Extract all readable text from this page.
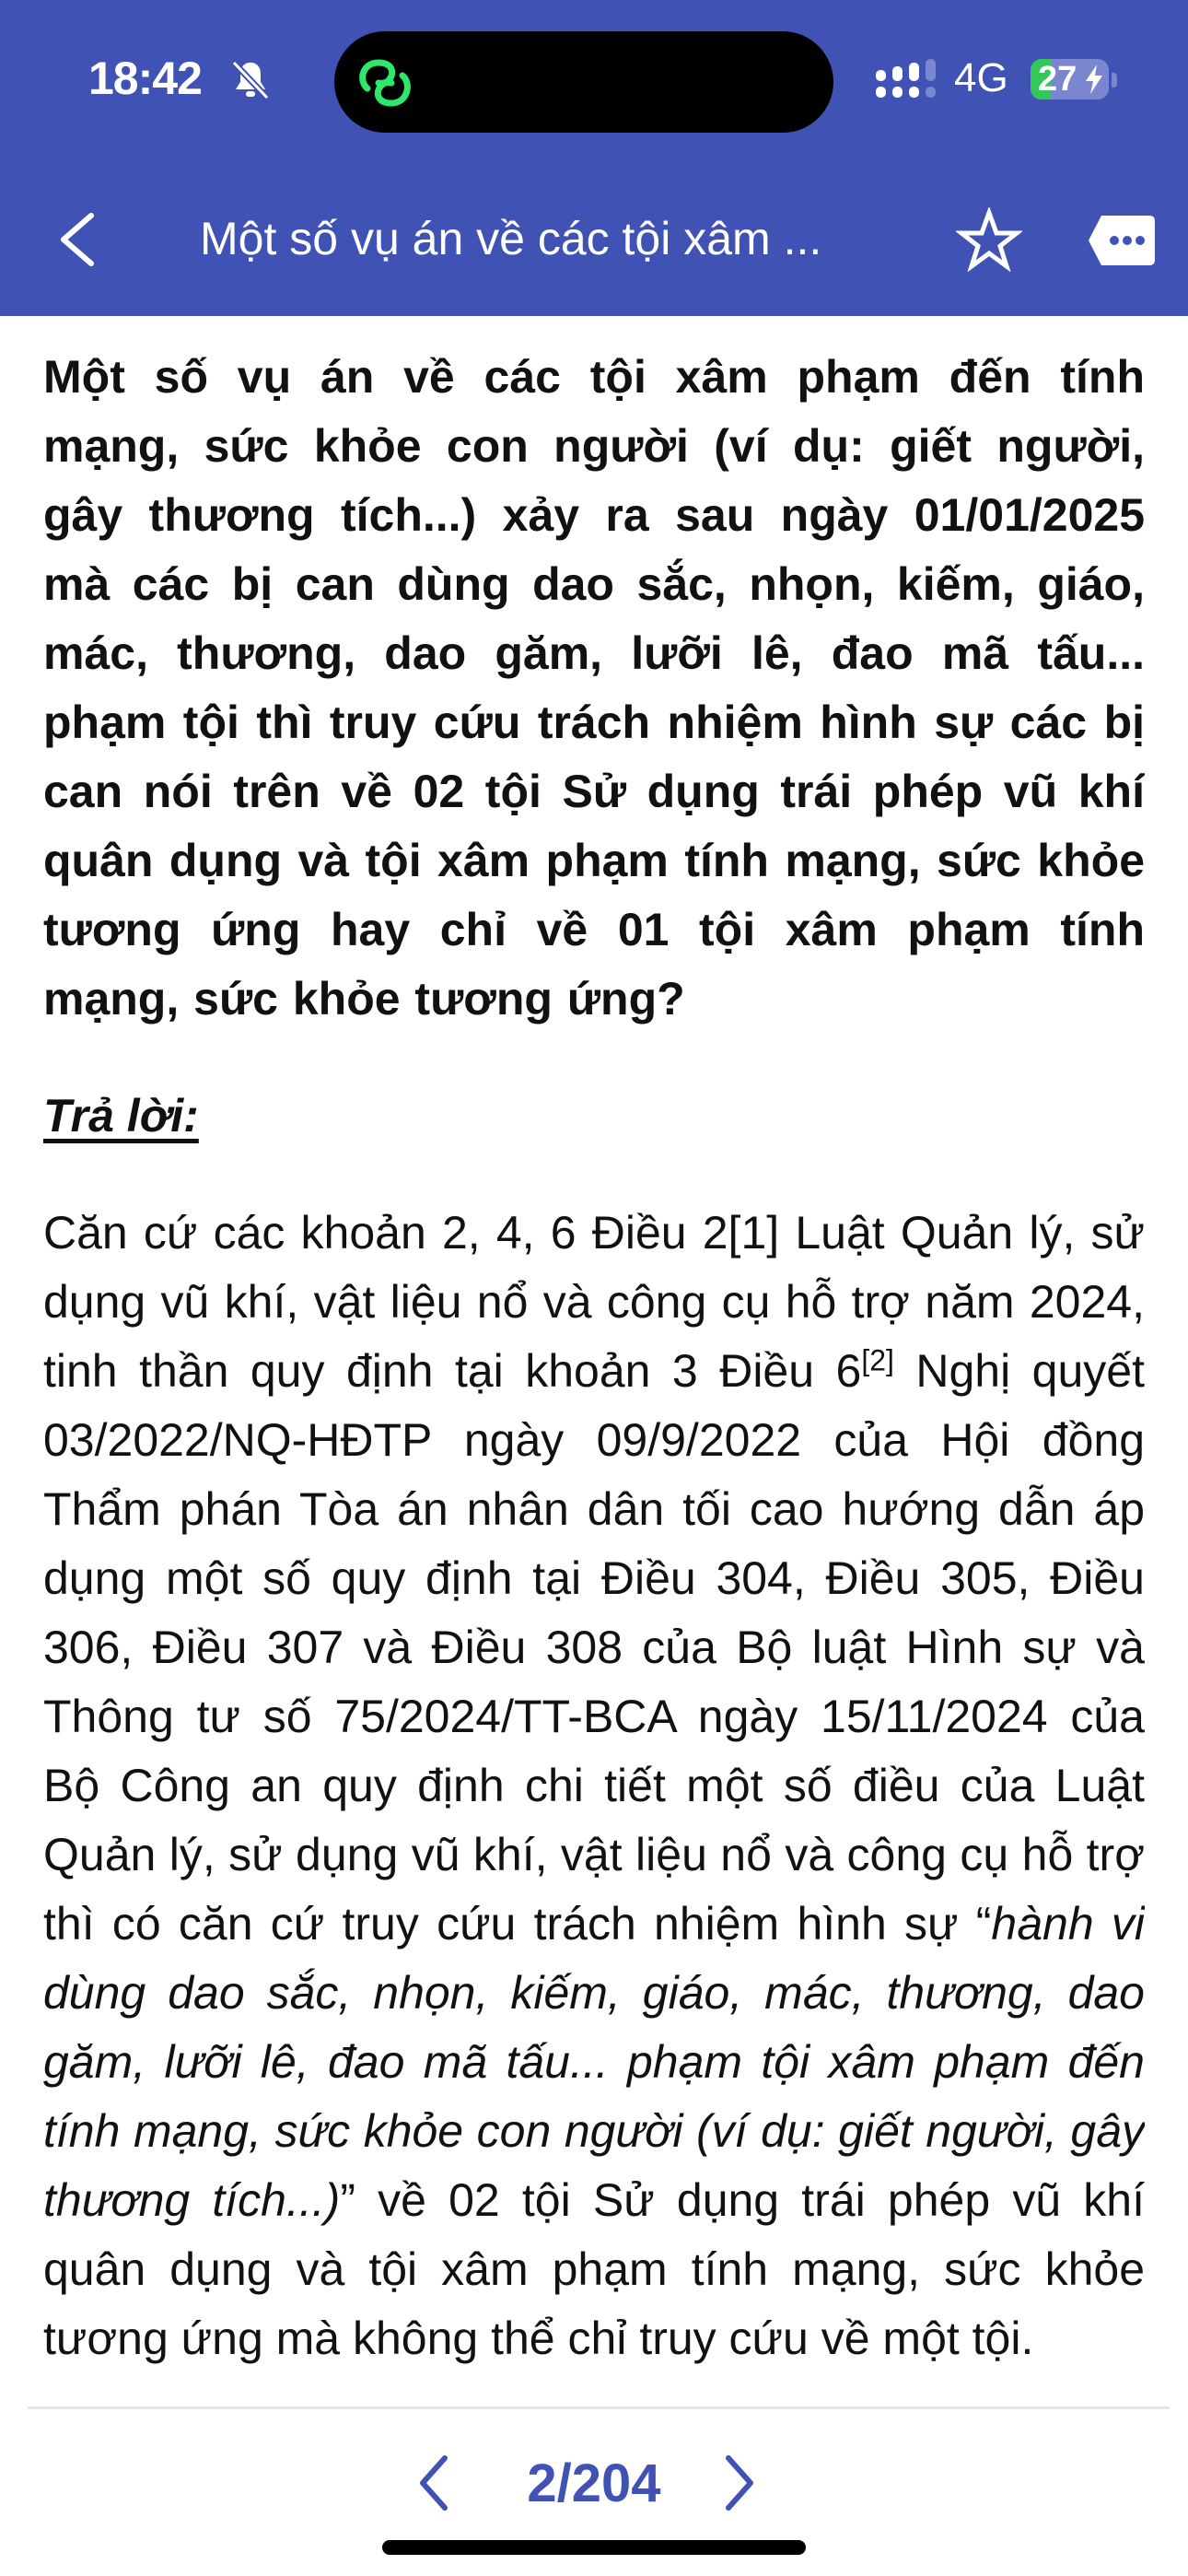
18:42	4G 27
Một số vụ án về các tội xâm ...

Một số vụ án về các tội xâm phạm đến tính mạng, sức khỏe con người (ví dụ: giết người, gây thương tích...) xảy ra sau ngày 01/01/2025 mà các bị can dùng dao sắc, nhọn, kiếm, giáo, mác, thương, dao găm, lưỡi lê, đao mã tấu... phạm tội thì truy cứu trách nhiệm hình sự các bị can nói trên về 02 tội Sử dụng trái phép vũ khí quân dụng và tội xâm phạm tính mạng, sức khỏe tương ứng hay chỉ về 01 tội xâm phạm tính mạng, sức khỏe tương ứng?

Trả lời:

Căn cứ các khoản 2, 4, 6 Điều 2[1] Luật Quản lý, sử dụng vũ khí, vật liệu nổ và công cụ hỗ trợ năm 2024, tinh thần quy định tại khoản 3 Điều 6[2] Nghị quyết 03/2022/NQ-HĐTP ngày 09/9/2022 của Hội đồng Thẩm phán Tòa án nhân dân tối cao hướng dẫn áp dụng một số quy định tại Điều 304, Điều 305, Điều 306, Điều 307 và Điều 308 của Bộ luật Hình sự và Thông tư số 75/2024/TT-BCA ngày 15/11/2024 của Bộ Công an quy định chi tiết một số điều của Luật Quản lý, sử dụng vũ khí, vật liệu nổ và công cụ hỗ trợ thì có căn cứ truy cứu trách nhiệm hình sự “hành vi dùng dao sắc, nhọn, kiếm, giáo, mác, thương, dao găm, lưỡi lê, đao mã tấu... phạm tội xâm phạm đến tính mạng, sức khỏe con người (ví dụ: giết người, gây thương tích...)” về 02 tội Sử dụng trái phép vũ khí quân dụng và tội xâm phạm tính mạng, sức khỏe tương ứng mà không thể chỉ truy cứu về một tội.

2/204
